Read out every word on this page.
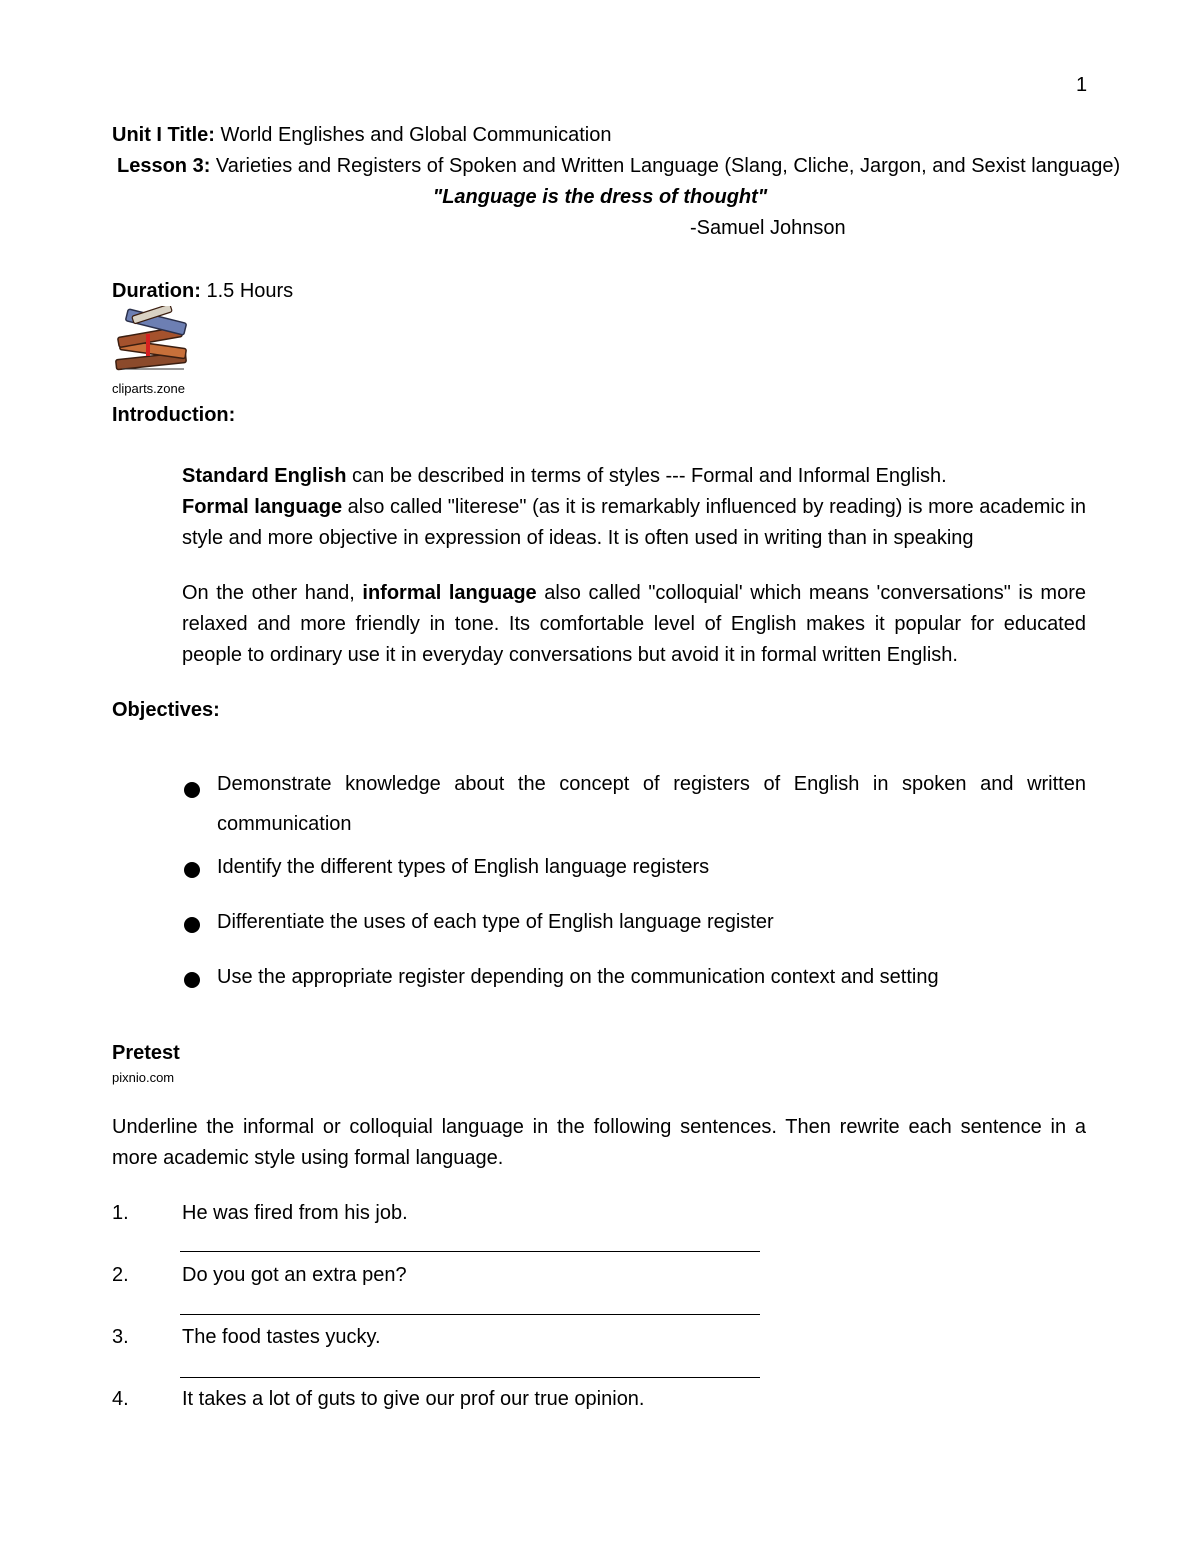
1
Unit I Title: World Englishes and Global Communication
Lesson 3: Varieties and Registers of Spoken and Written Language (Slang, Cliche, Jargon, and Sexist language)
"Language is the dress of thought"
-Samuel Johnson
Duration: 1.5 Hours
cliparts.zone
Introduction:
Standard English can be described in terms of styles --- Formal and Informal English.
Formal language also called "literese" (as it is remarkably influenced by reading) is more academic in style and more objective in expression of ideas. It is often used in writing than in speaking
On the other hand, informal language also called "colloquial' which means 'conversations" is more relaxed and more friendly in tone. Its comfortable level of English makes it popular for educated people to ordinary use it in everyday conversations but avoid it in formal written English.
Objectives:
Demonstrate knowledge about the concept of registers of English in spoken and written communication
Identify the different types of English language registers
Differentiate the uses of each type of English language register
Use the appropriate register depending on the communication context and setting
Pretest
pixnio.com
Underline the informal or colloquial language in the following sentences. Then rewrite each sentence in a more academic style using formal language.
1.	He was fired from his job.
2.	Do you got an extra pen?
3.	The food tastes yucky.
4.	It takes a lot of guts to give our prof our true opinion.
